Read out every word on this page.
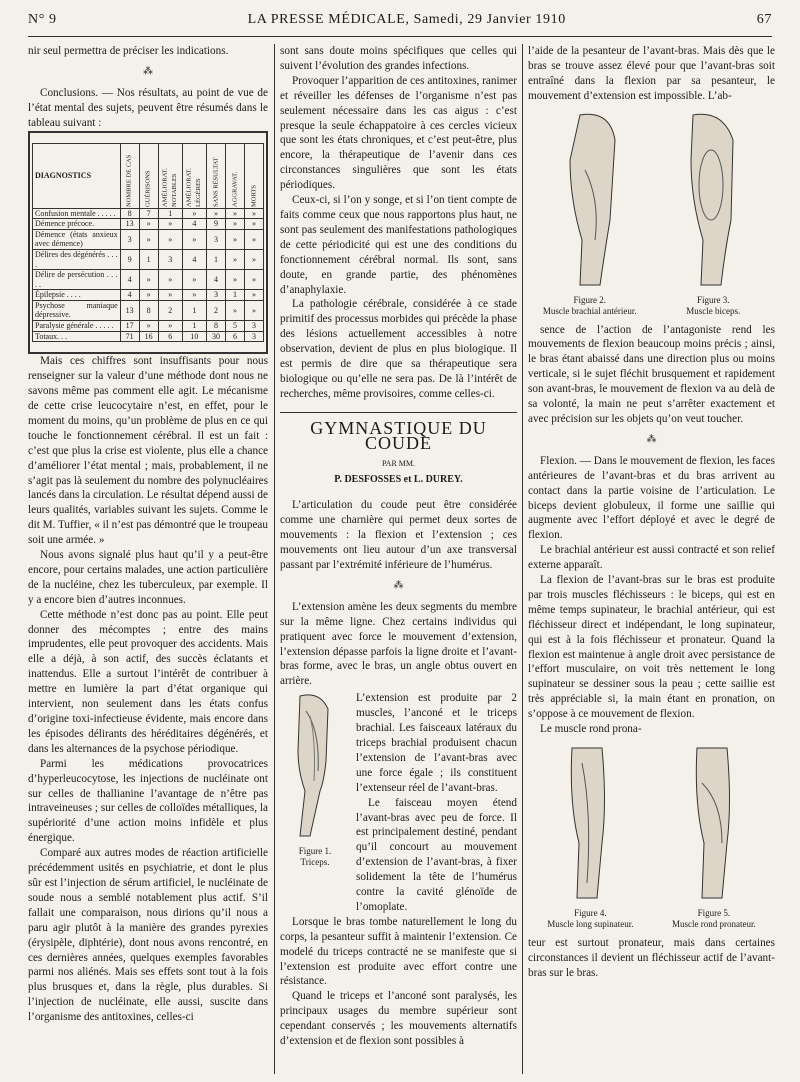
N° 9	LA PRESSE MÉDICALE, Samedi, 29 Janvier 1910	67

nir seul permettra de préciser les indications.

⁂

Conclusions. — Nos résultats, au point de vue de l’état mental des sujets, peuvent être résumés dans le tableau suivant :

DIAGNOSTICS	NOMBRE DE CAS	GUÉRISONS	AMÉLIORAT. NOTABLES	AMÉLIORAT. LÉGÈRES	SANS RÉSULTAT	AGGRAVAT.	MORTS
Confusion mentale . . . . .	8	7	1	»	»	»	»
Démence précoce.	13	»	»	4	9	»	»
Démence (états anxieux avec démence)	3	»	»	»	3	»	»
Délires des dégénérés . . . .	9	1	3	4	1	»	»
Délire de persécution . . . . .	4	»	»	»	4	»	»
Épilepsie . . . .	4	»	»	»	3	1	»
Psychose maniaque dépressive.	13	8	2	1	2	»	»
Paralysie générale . . . . .	17	»	»	1	8	5	3
Totaux. . .	71	16	6	10	30	6	3

Mais ces chiffres sont insuffisants pour nous renseigner sur la valeur d’une méthode dont nous ne savons même pas comment elle agit. Le mécanisme de cette crise leucocytaire n’est, en effet, pour le moment du moins, qu’un problème de plus en ce qui touche le fonctionnement cérébral. Il est un fait : c’est que plus la crise est violente, plus elle a chance d’améliorer l’état mental ; mais, probablement, il ne s’agit pas là seulement du nombre des polynucléaires lancés dans la circulation. Le résultat dépend aussi de leurs qualités, variables suivant les sujets. Comme le dit M. Tuffier, « il n’est pas démontré que le troupeau soit une armée. »

Nous avons signalé plus haut qu’il y a peut-être encore, pour certains malades, une action particulière de la nucléine, chez les tuberculeux, par exemple. Il y a encore bien d’autres inconnues.

Cette méthode n’est donc pas au point. Elle peut donner des mécomptes ; entre des mains imprudentes, elle peut provoquer des accidents. Mais elle a déjà, à son actif, des succès éclatants et inattendus. Elle a surtout l’intérêt de contribuer à mettre en lumière la part d’état organique qui intervient, non seulement dans les états confus d’origine toxi-infectieuse évidente, mais encore dans les épisodes délirants des héréditaires dégénérés, et dans les alternances de la psychose périodique.

Parmi les médications provocatrices d’hyperleucocytose, les injections de nucléinate ont sur celles de thallianine l’avantage de n’être pas intraveineuses ; sur celles de colloïdes métalliques, la supériorité d’une action moins infidèle et plus énergique.

Comparé aux autres modes de réaction artificielle précédemment usités en psychiatrie, et dont le plus sûr est l’injection de sérum artificiel, le nucléinate de soude nous a semblé notablement plus actif. S’il fallait une comparaison, nous dirions qu’il nous a paru agir plutôt à la manière des grandes pyrexies (érysipèle, diphtérie), dont nous avons rencontré, en ces dernières années, quelques exemples favorables parmi nos aliénés. Mais ses effets sont tout à la fois plus brusques et, dans la règle, plus durables. Si l’injection de nucléinate, elle aussi, suscite dans l’organisme des antitoxines, celles-ci

sont sans doute moins spécifiques que celles qui suivent l’évolution des grandes infections.

Provoquer l’apparition de ces antitoxines, ranimer et réveiller les défenses de l’organisme n’est pas seulement nécessaire dans les cas aigus : c’est presque la seule échappatoire à ces cercles vicieux que sont les états chroniques, et c’est peut-être, plus encore, la thérapeutique de l’avenir dans ces circonstances singulières que sont les états périodiques.

Ceux-ci, si l’on y songe, et si l’on tient compte de faits comme ceux que nous rapportons plus haut, ne sont pas seulement des manifestations pathologiques de cette périodicité qui est une des conditions du fonctionnement cérébral normal. Ils sont, sans doute, en grande partie, des phénomènes d’anaphylaxie.

La pathologie cérébrale, considérée à ce stade primitif des processus morbides qui précède la phase des lésions actuellement accessibles à notre observation, devient de plus en plus biologique. Il est permis de dire que sa thérapeutique sera biologique ou qu’elle ne sera pas. De là l’intérêt de recherches, même provisoires, comme celles-ci.

GYMNASTIQUE DU COUDE
PAR MM.
P. DESFOSSES et L. DUREY.

L’articulation du coude peut être considérée comme une charnière qui permet deux sortes de mouvements : la flexion et l’extension ; ces mouvements ont lieu autour d’un axe transversal passant par l’extrémité inférieure de l’humérus.

⁂

L’extension amène les deux segments du membre sur la même ligne. Chez certains individus qui pratiquent avec force le mouvement d’extension, l’extension dépasse parfois la ligne droite et l’avant-bras forme, avec le bras, un angle obtus ouvert en arrière.

Figure 1.
Triceps.

L’extension est produite par 2 muscles, l’anconé et le triceps brachial. Les faisceaux latéraux du triceps brachial produisent chacun l’extension de l’avant-bras avec une force égale ; ils constituent l’extenseur réel de l’avant-bras.

Le faisceau moyen étend l’avant-bras avec peu de force. Il est principalement destiné, pendant qu’il concourt au mouvement d’extension de l’avant-bras, à fixer solidement la tête de l’humérus contre la cavité glénoïde de l’omoplate.

Lorsque le bras tombe naturellement le long du corps, la pesanteur suffit à maintenir l’extension. Ce modelé du triceps contracté ne se manifeste que si l’extension est produite avec effort contre une résistance.

Quand le triceps et l’anconé sont paralysés, les principaux usages du membre supérieur sont cependant conservés ; les mouvements alternatifs d’extension et de flexion sont possibles à

l’aide de la pesanteur de l’avant-bras. Mais dès que le bras se trouve assez élevé pour que l’avant-bras soit entraîné dans la flexion par sa pesanteur, le mouvement d’extension est impossible. L’ab-

Figure 2.
Muscle brachial antérieur.
Figure 3.
Muscle biceps.

sence de l’action de l’antagoniste rend les mouvements de flexion beaucoup moins précis ; ainsi, le bras étant abaissé dans une direction plus ou moins verticale, si le sujet fléchit brusquement et rapidement son avant-bras, le mouvement de flexion va au delà de sa volonté, la main ne peut s’arrêter exactement et avec précision sur les objets qu’on veut toucher.

⁂

Flexion. — Dans le mouvement de flexion, les faces antérieures de l’avant-bras et du bras arrivent au contact dans la partie voisine de l’articulation. Le biceps devient globuleux, il forme une saillie qui augmente avec l’effort déployé et avec le degré de flexion.

Le brachial antérieur est aussi contracté et son relief externe apparaît.

La flexion de l’avant-bras sur le bras est produite par trois muscles fléchisseurs : le biceps, qui est en même temps supinateur, le brachial antérieur, qui est fléchisseur direct et indépendant, le long supinateur, qui est à la fois fléchisseur et pronateur. Quand la flexion est maintenue à angle droit avec persistance de l’effort musculaire, on voit très nettement le long supinateur se dessiner sous la peau ; cette saillie est très appréciable si, la main étant en pronation, on s’oppose à ce mouvement de flexion.

Le muscle rond prona-

Figure 4.
Muscle long supinateur.
Figure 5.
Muscle rond pronateur.

teur est surtout pronateur, mais dans certaines circonstances il devient un fléchisseur actif de l’avant-bras sur le bras.
